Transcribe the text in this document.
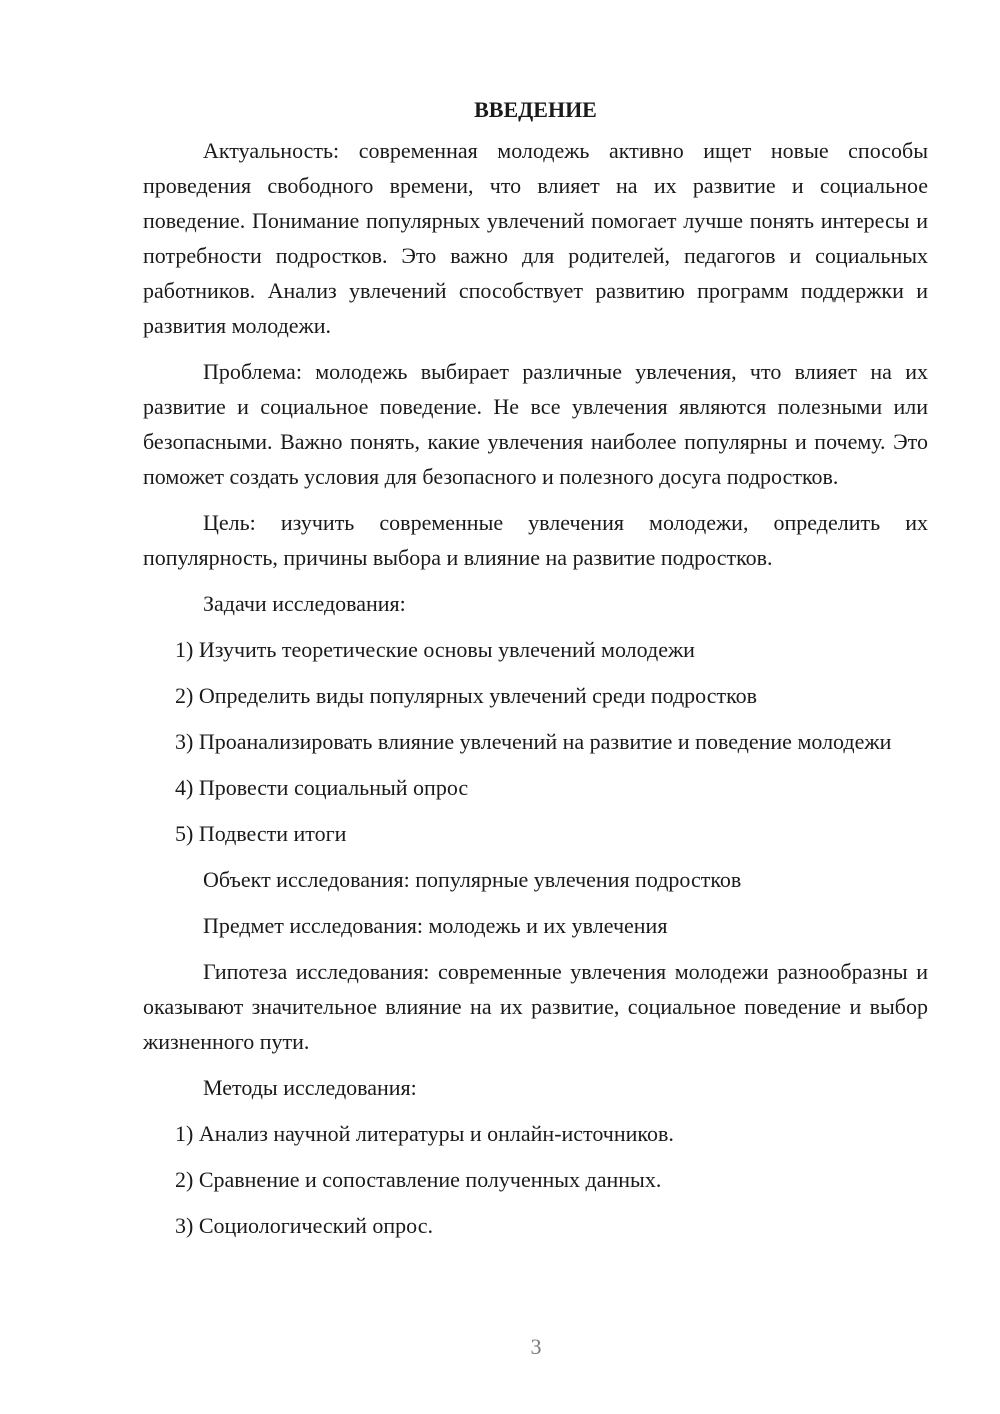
ВВЕДЕНИЕ

Актуальность: современная молодежь активно ищет новые способы проведения свободного времени, что влияет на их развитие и социальное поведение. Понимание популярных увлечений помогает лучше понять интересы и потребности подростков. Это важно для родителей, педагогов и социальных работников. Анализ увлечений способствует развитию программ поддержки и развития молодежи.

Проблема: молодежь выбирает различные увлечения, что влияет на их развитие и социальное поведение. Не все увлечения являются полезными или безопасными. Важно понять, какие увлечения наиболее популярны и почему. Это поможет создать условия для безопасного и полезного досуга подростков.

Цель: изучить современные увлечения молодежи, определить их популярность, причины выбора и влияние на развитие подростков.

Задачи исследования:

1) Изучить теоретические основы увлечений молодежи

2) Определить виды популярных увлечений среди подростков

3) Проанализировать влияние увлечений на развитие и поведение молодежи

4) Провести социальный опрос

5) Подвести итоги

Объект исследования: популярные увлечения подростков

Предмет исследования: молодежь и их увлечения

Гипотеза исследования: современные увлечения молодежи разнообразны и оказывают значительное влияние на их развитие, социальное поведение и выбор жизненного пути.

Методы исследования:

1) Анализ научной литературы и онлайн-источников.

2) Сравнение и сопоставление полученных данных.

3) Социологический опрос.

3
